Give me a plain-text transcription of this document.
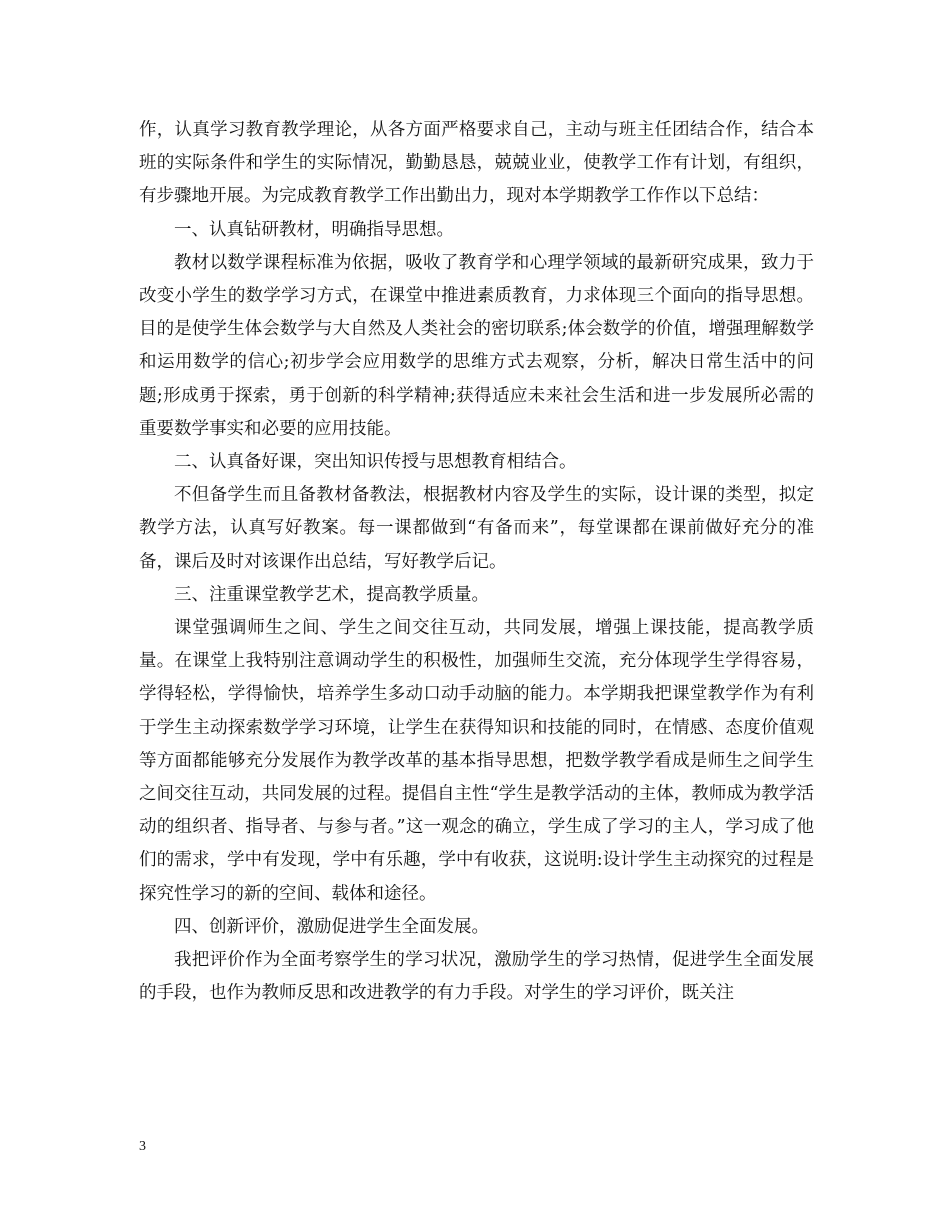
作，认真学习教育教学理论，从各方面严格要求自己，主动与班主任团结合作，结合本班的实际条件和学生的实际情况，勤勤恳恳，兢兢业业，使教学工作有计划，有组织，有步骤地开展。为完成教育教学工作出勤出力，现对本学期教学工作作以下总结：

一、认真钻研教材，明确指导思想。

教材以数学课程标准为依据，吸收了教育学和心理学领域的最新研究成果，致力于改变小学生的数学学习方式，在课堂中推进素质教育，力求体现三个面向的指导思想。目的是使学生体会数学与大自然及人类社会的密切联系;体会数学的价值，增强理解数学和运用数学的信心;初步学会应用数学的思维方式去观察，分析，解决日常生活中的问题;形成勇于探索，勇于创新的科学精神;获得适应未来社会生活和进一步发展所必需的重要数学事实和必要的应用技能。

二、认真备好课，突出知识传授与思想教育相结合。

不但备学生而且备教材备教法，根据教材内容及学生的实际，设计课的类型，拟定教学方法，认真写好教案。每一课都做到“有备而来”，每堂课都在课前做好充分的准备，课后及时对该课作出总结，写好教学后记。

三、注重课堂教学艺术，提高教学质量。

课堂强调师生之间、学生之间交往互动，共同发展，增强上课技能，提高教学质量。在课堂上我特别注意调动学生的积极性，加强师生交流，充分体现学生学得容易，学得轻松，学得愉快，培养学生多动口动手动脑的能力。本学期我把课堂教学作为有利于学生主动探索数学学习环境，让学生在获得知识和技能的同时，在情感、态度价值观等方面都能够充分发展作为教学改革的基本指导思想，把数学教学看成是师生之间学生之间交往互动，共同发展的过程。提倡自主性“学生是教学活动的主体，教师成为教学活动的组织者、指导者、与参与者。”这一观念的确立，学生成了学习的主人，学习成了他们的需求，学中有发现，学中有乐趣，学中有收获，这说明:设计学生主动探究的过程是探究性学习的新的空间、载体和途径。

四、创新评价，激励促进学生全面发展。

我把评价作为全面考察学生的学习状况，激励学生的学习热情，促进学生全面发展的手段，也作为教师反思和改进教学的有力手段。对学生的学习评价，既关注

3
